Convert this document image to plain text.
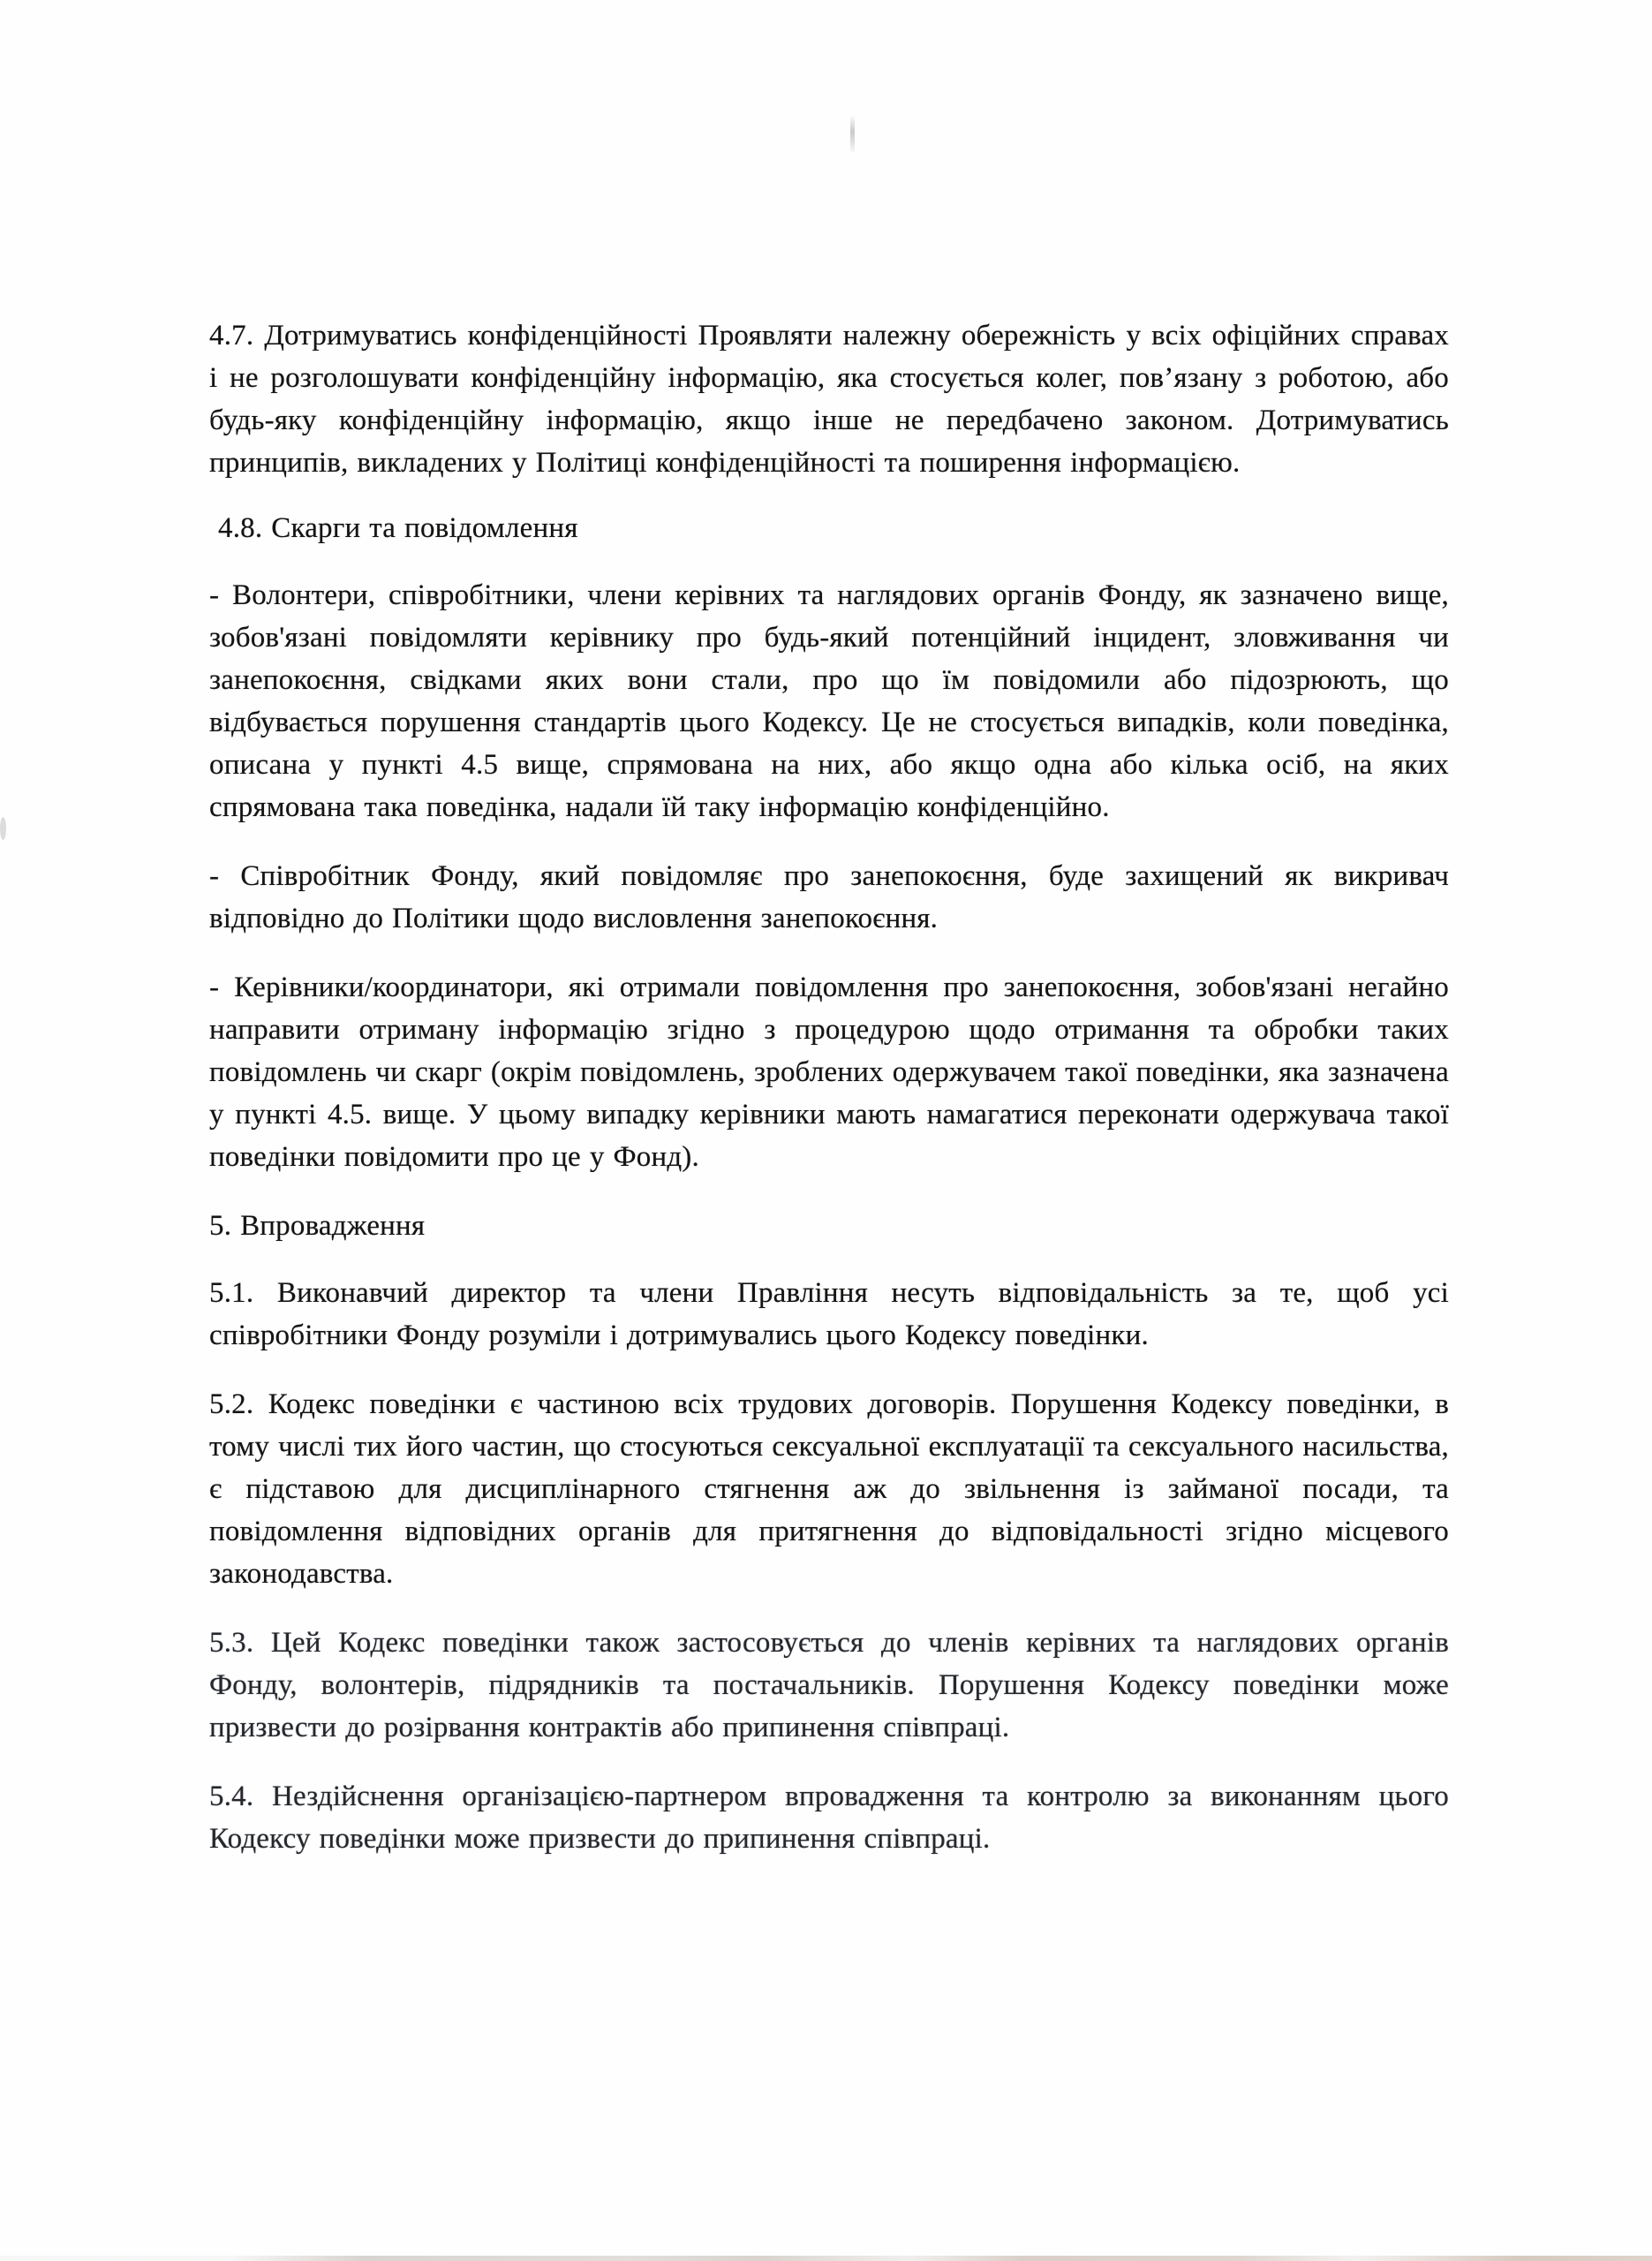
4.7. Дотримуватись конфіденційності Проявляти належну обережність у всіх офіційних справах і не розголошувати конфіденційну інформацію, яка стосується колег, пов’язану з роботою, або будь-яку конфіденційну інформацію, якщо інше не передбачено законом. Дотримуватись принципів, викладених у Політиці конфіденційності та поширення інформацією.

4.8. Скарги та повідомлення

- Волонтери, співробітники, члени керівних та наглядових органів Фонду, як зазначено вище, зобов'язані повідомляти керівнику про будь-який потенційний інцидент, зловживання чи занепокоєння, свідками яких вони стали, про що їм повідомили або підозрюють, що відбувається порушення стандартів цього Кодексу. Це не стосується випадків, коли поведінка, описана у пункті 4.5 вище, спрямована на них, або якщо одна або кілька осіб, на яких спрямована така поведінка, надали їй таку інформацію конфіденційно.

- Співробітник Фонду, який повідомляє про занепокоєння, буде захищений як викривач відповідно до Політики щодо висловлення занепокоєння.

- Керівники/координатори, які отримали повідомлення про занепокоєння, зобов'язані негайно направити отриману інформацію згідно з процедурою щодо отримання та обробки таких повідомлень чи скарг (окрім повідомлень, зроблених одержувачем такої поведінки, яка зазначена у пункті 4.5. вище. У цьому випадку керівники мають намагатися переконати одержувача такої поведінки повідомити про це у Фонд).

5. Впровадження

5.1. Виконавчий директор та члени Правління несуть відповідальність за те, щоб усі співробітники Фонду розуміли і дотримувались цього Кодексу поведінки.

5.2. Кодекс поведінки є частиною всіх трудових договорів. Порушення Кодексу поведінки, в тому числі тих його частин, що стосуються сексуальної експлуатації та сексуального насильства, є підставою для дисциплінарного стягнення аж до звільнення із займаної посади, та повідомлення відповідних органів для притягнення до відповідальності згідно місцевого законодавства.

5.3. Цей Кодекс поведінки також застосовується до членів керівних та наглядових органів Фонду, волонтерів, підрядників та постачальників. Порушення Кодексу поведінки може призвести до розірвання контрактів або припинення співпраці.

5.4. Нездійснення організацією-партнером впровадження та контролю за виконанням цього Кодексу поведінки може призвести до припинення співпраці.
